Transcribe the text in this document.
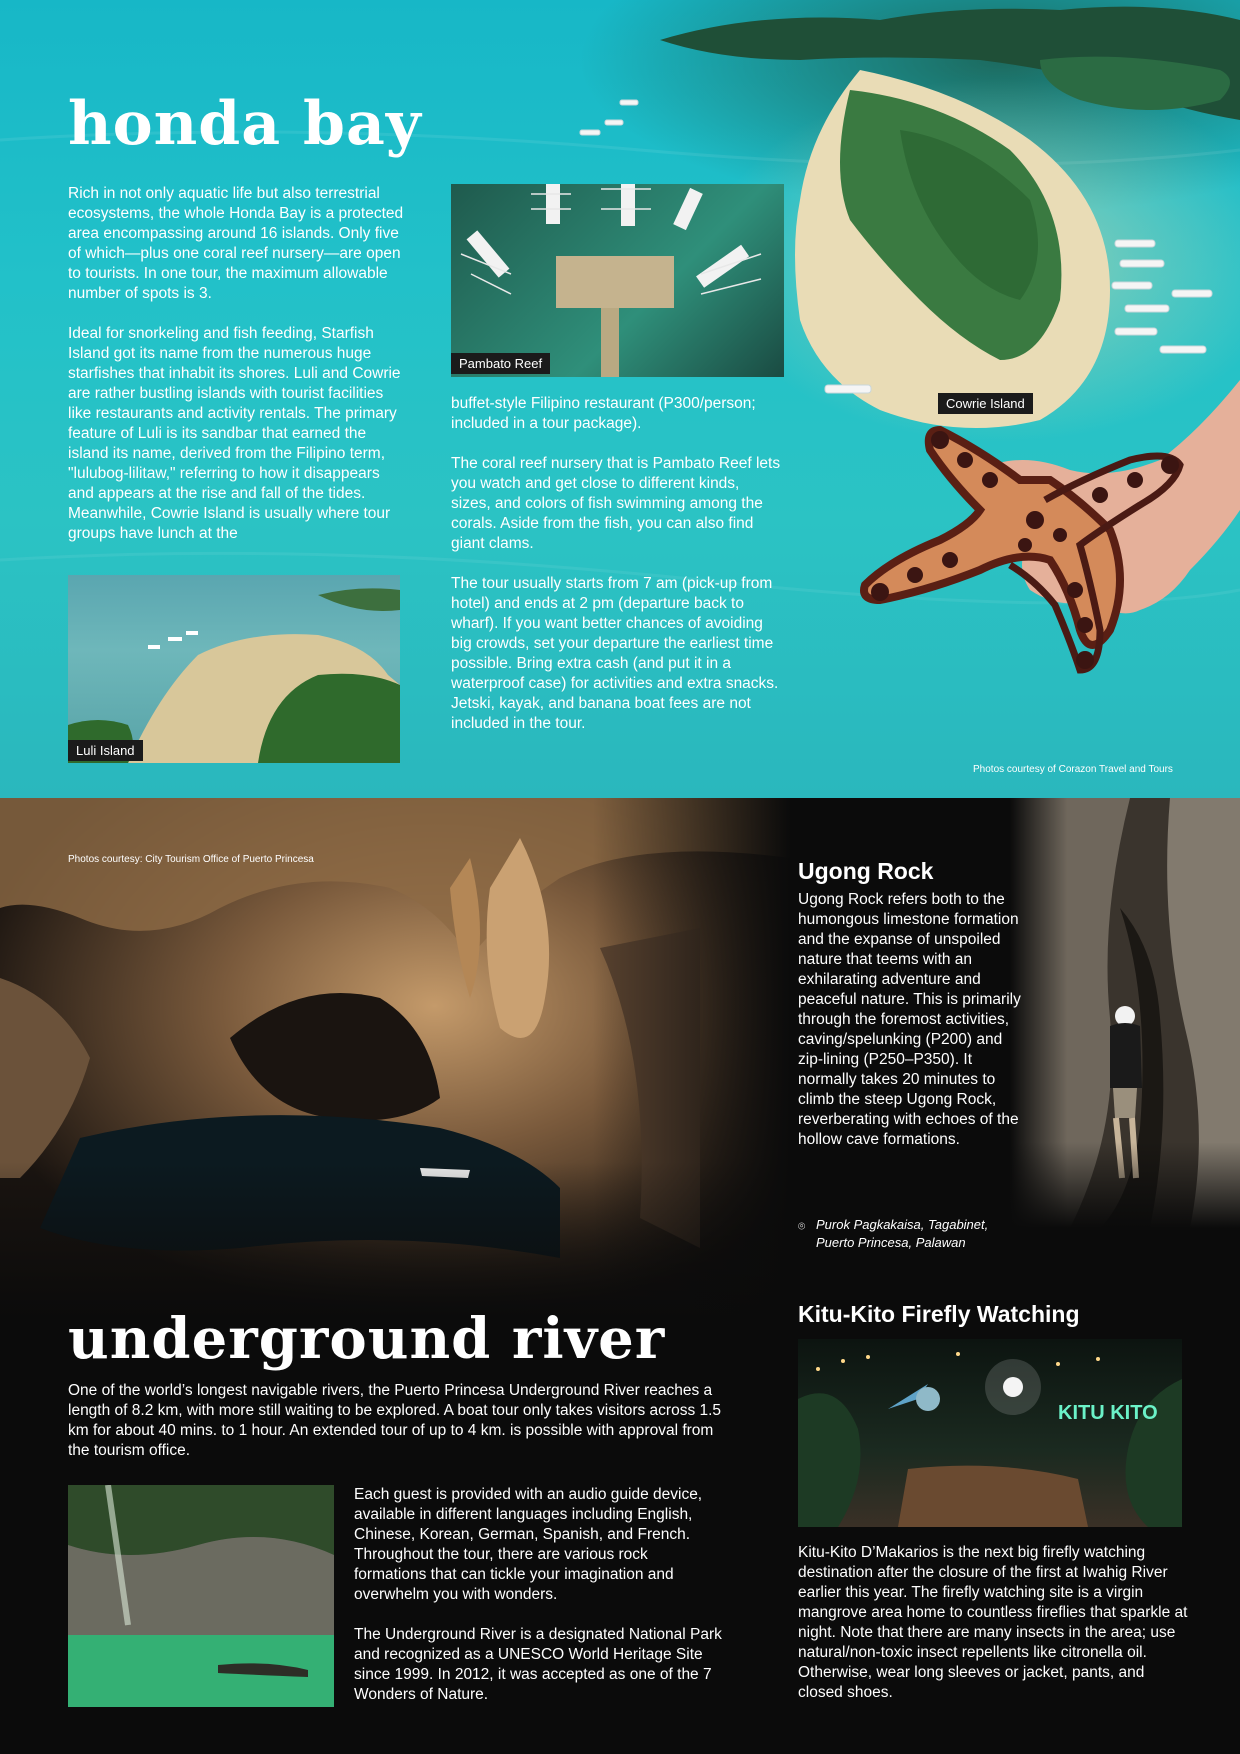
honda bay

Rich in not only aquatic life but also terrestrial ecosystems, the whole Honda Bay is a protected area encompassing around 16 islands. Only five of which—plus one coral reef nursery—are open to tourists. In one tour, the maximum allowable number of spots is 3.

Ideal for snorkeling and fish feeding, Starfish Island got its name from the numerous huge starfishes that inhabit its shores. Luli and Cowrie are rather bustling islands with tourist facilities like restaurants and activity rentals. The primary feature of Luli is its sandbar that earned the island its name, derived from the Filipino term, "lulubog-lilitaw," referring to how it disappears and appears at the rise and fall of the tides. Meanwhile, Cowrie Island is usually where tour groups have lunch at the

Pambato Reef
Cowrie Island

buffet-style Filipino restaurant (P300/person; included in a tour package).

The coral reef nursery that is Pambato Reef lets you watch and get close to different kinds, sizes, and colors of fish swimming among the corals. Aside from the fish, you can also find giant clams.

The tour usually starts from 7 am (pick-up from hotel) and ends at 2 pm (departure back to wharf). If you want better chances of avoiding big crowds, set your departure the earliest time possible. Bring extra cash (and put it in a waterproof case) for activities and extra snacks. Jetski, kayak, and banana boat fees are not included in the tour.

Luli Island
Photos courtesy of Corazon Travel and Tours
Photos courtesy: City Tourism Office of Puerto Princesa	Ugong Rock

Ugong Rock refers both to the humongous limestone formation and the expanse of unspoiled nature that teems with an exhilarating adventure and peaceful nature. This is primarily through the foremost activities, caving/spelunking (P200) and zip-lining (P250–P350). It normally takes 20 minutes to climb the steep Ugong Rock, reverberating with echoes of the hollow cave formations.

⌾ Purok Pagkakaisa, Tagabinet,
Puerto Princesa, Palawan
underground river

One of the world’s longest navigable rivers, the Puerto Princesa Underground River reaches a length of 8.2 km, with more still waiting to be explored. A boat tour only takes visitors across 1.5 km for about 40 mins. to 1 hour. An extended tour of up to 4 km. is possible with approval from the tourism office.

Each guest is provided with an audio guide device, available in different languages including English, Chinese, Korean, German, Spanish, and French. Throughout the tour, there are various rock formations that can tickle your imagination and overwhelm you with wonders.

The Underground River is a designated National Park and recognized as a UNESCO World Heritage Site since 1999. In 2012, it was accepted as one of the 7 Wonders of Nature.

Kitu-Kito Firefly Watching
KITU KITO

Kitu-Kito D’Makarios is the next big firefly watching destination after the closure of the first at Iwahig River earlier this year. The firefly watching site is a virgin mangrove area home to countless fireflies that sparkle at night. Note that there are many insects in the area; use natural/non-toxic insect repellents like citronella oil. Otherwise, wear long sleeves or jacket, pants, and closed shoes.
